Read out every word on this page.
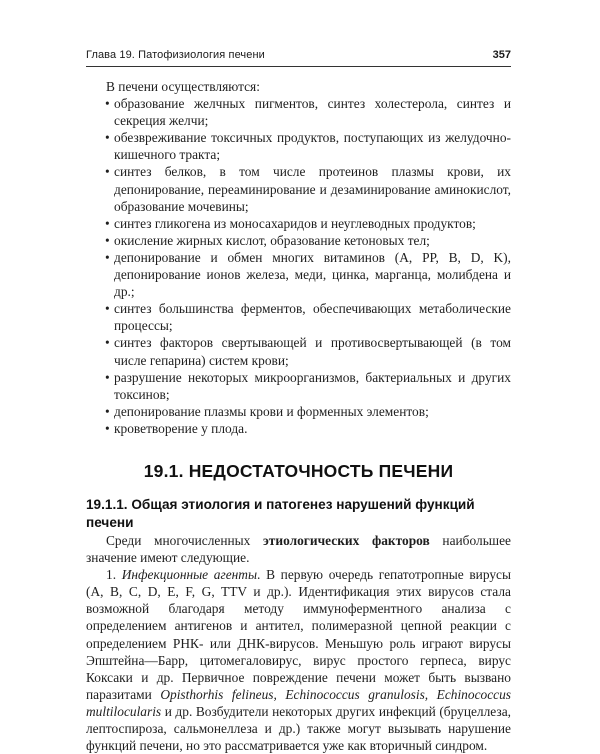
Глава 19. Патофизиология печени	357

В печени осуществляются:

• образование желчных пигментов, синтез холестерола, синтез и секреция желчи;
• обезвреживание токсичных продуктов, поступающих из желудочно-кишечного тракта;
• синтез белков, в том числе протеинов плазмы крови, их депонирование, переаминирование и дезаминирование аминокислот, образование мочевины;
• синтез гликогена из моносахаридов и неуглеводных продуктов;
• окисление жирных кислот, образование кетоновых тел;
• депонирование и обмен многих витаминов (A, PP, B, D, K), депонирование ионов железа, меди, цинка, марганца, молибдена и др.;
• синтез большинства ферментов, обеспечивающих метаболические процессы;
• синтез факторов свертывающей и противосвертывающей (в том числе гепарина) систем крови;
• разрушение некоторых микроорганизмов, бактериальных и других токсинов;
• депонирование плазмы крови и форменных элементов;
• кроветворение у плода.
19.1. НЕДОСТАТОЧНОСТЬ ПЕЧЕНИ
19.1.1. Общая этиология и патогенез нарушений функций печени

Среди многочисленных этиологических факторов наибольшее значение имеют следующие.

1. Инфекционные агенты. В первую очередь гепатотропные вирусы (A, B, C, D, E, F, G, TTV и др.). Идентификация этих вирусов стала возможной благодаря методу иммуноферментного анализа с определением антигенов и антител, полимеразной цепной реакции с определением РНК- или ДНК-вирусов. Меньшую роль играют вирусы Эпштейна—Барр, цитомегаловирус, вирус простого герпеса, вирус Коксаки и др. Первичное повреждение печени может быть вызвано паразитами Opisthorhis felineus, Echinococcus granulosis, Echinococcus multilocularis и др. Возбудители некоторых других инфекций (бруцеллеза, лептоспироза, сальмонеллеза и др.) также могут вызывать нарушение функций печени, но это рассматривается уже как вторичный синдром.
